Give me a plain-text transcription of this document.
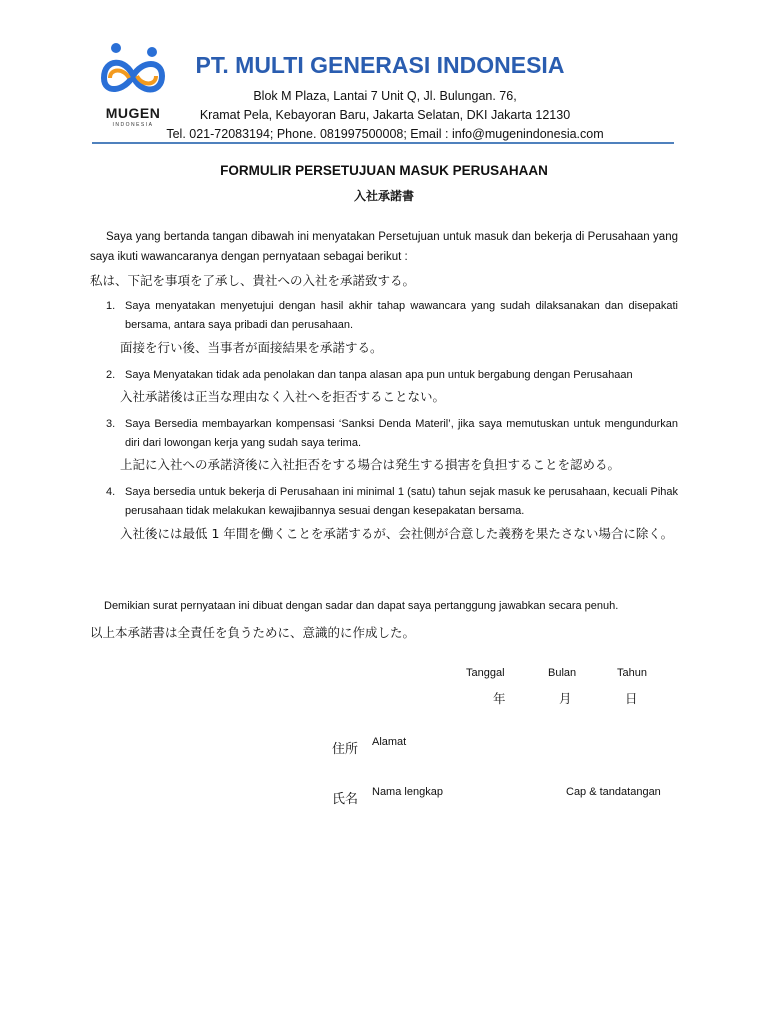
MUGEN
INDONESIA
PT. MULTI GENERASI INDONESIA
Blok M Plaza, Lantai 7 Unit Q, Jl. Bulungan. 76,
Kramat Pela, Kebayoran Baru, Jakarta Selatan, DKI Jakarta 12130
Tel. 021-72083194; Phone. 081997500008; Email : info@mugenindonesia.com
FORMULIR PERSETUJUAN MASUK PERUSAHAAN
入社承諾書
Saya yang bertanda tangan dibawah ini menyatakan Persetujuan untuk masuk dan bekerja di Perusahaan yang saya ikuti wawancaranya dengan pernyataan sebagai berikut :
私は、下記を事項を了承し、貴社への入社を承諾致する。
1. Saya menyatakan menyetujui dengan hasil akhir tahap wawancara yang sudah dilaksanakan dan disepakati bersama, antara saya pribadi dan perusahaan.
面接を行い後、当事者が面接結果を承諾する。
2. Saya Menyatakan tidak ada penolakan dan tanpa alasan apa pun untuk bergabung dengan Perusahaan
入社承諾後は正当な理由なく入社へを拒否することない。
3. Saya Bersedia membayarkan kompensasi ‘Sanksi Denda Materil’, jika saya memutuskan untuk mengundurkan diri dari lowongan kerja yang sudah saya terima.
上記に入社への承諾済後に入社拒否をする場合は発生する損害を負担することを認める。
4. Saya bersedia untuk bekerja di Perusahaan ini minimal 1 (satu) tahun sejak masuk ke perusahaan, kecuali Pihak perusahaan tidak melakukan kewajibannya sesuai dengan kesepakatan bersama.
入社後には最低 1 年間を働くことを承諾するが、会社側が合意した義務を果たさない場合に除く。
Demikian surat pernyataan ini dibuat dengan sadar dan dapat saya pertanggung jawabkan secara penuh.
以上本承諾書は全責任を負うために、意識的に作成した。
Tanggal	Bulan	Tahun
年	月	日
住所 Alamat
氏名 Nama lengkap	Cap & tandatangan
